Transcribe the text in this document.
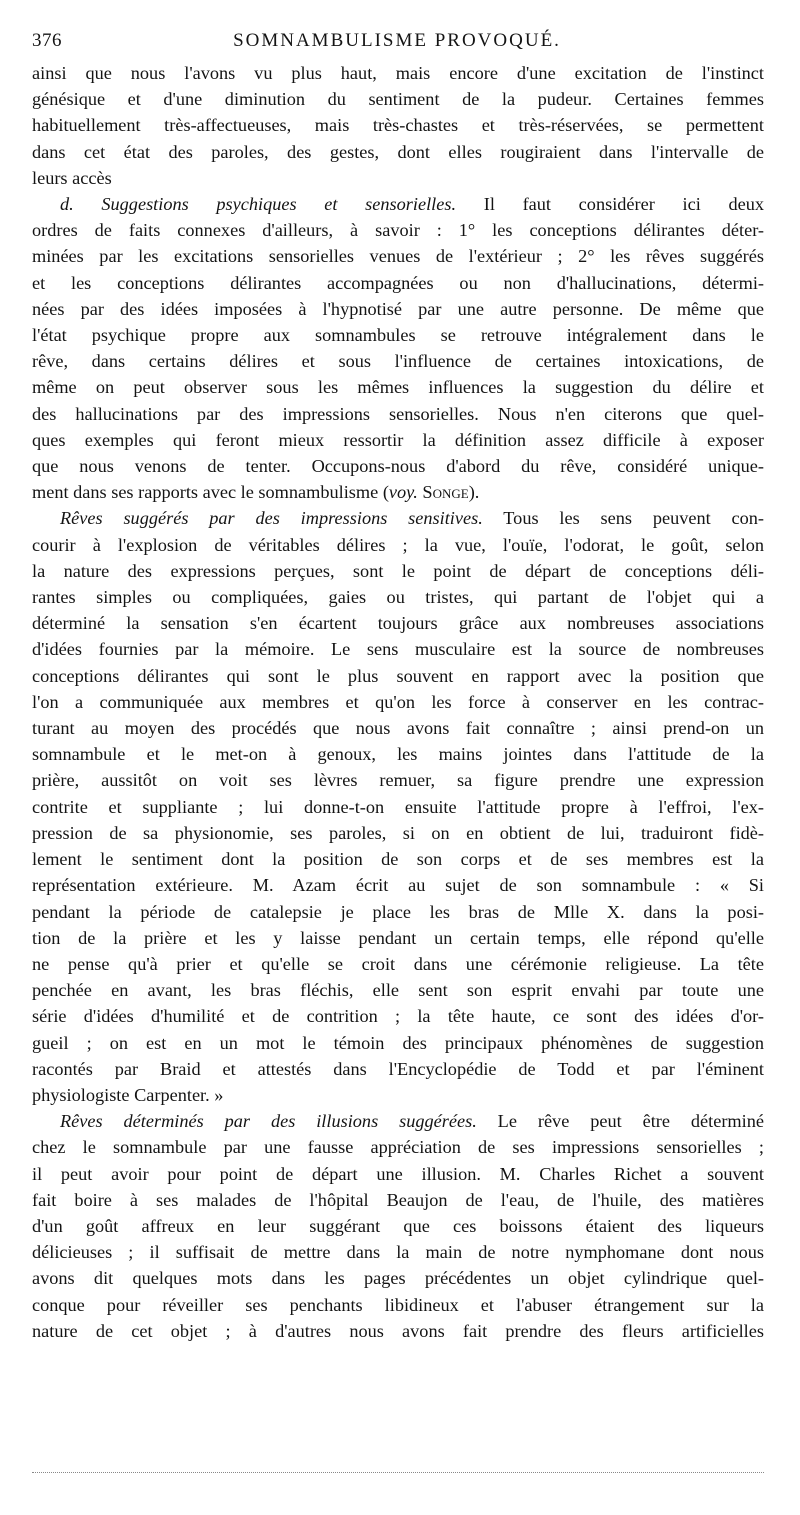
376	SOMNAMBULISME PROVOQUÉ.

ainsi que nous l'avons vu plus haut, mais encore d'une excitation de l'instinct
génésique et d'une diminution du sentiment de la pudeur. Certaines femmes
habituellement très-affectueuses, mais très-chastes et très-réservées, se permettent
dans cet état des paroles, des gestes, dont elles rougiraient dans l'intervalle de
leurs accès

d. Suggestions psychiques et sensorielles. Il faut considérer ici deux
ordres de faits connexes d'ailleurs, à savoir : 1° les conceptions délirantes déter-
minées par les excitations sensorielles venues de l'extérieur ; 2° les rêves suggérés
et les conceptions délirantes accompagnées ou non d'hallucinations, détermi-
nées par des idées imposées à l'hypnotisé par une autre personne. De même que
l'état psychique propre aux somnambules se retrouve intégralement dans le
rêve, dans certains délires et sous l'influence de certaines intoxications, de
même on peut observer sous les mêmes influences la suggestion du délire et
des hallucinations par des impressions sensorielles. Nous n'en citerons que quel-
ques exemples qui feront mieux ressortir la définition assez difficile à exposer
que nous venons de tenter. Occupons-nous d'abord du rêve, considéré unique-
ment dans ses rapports avec le somnambulisme (voy. Songe).

Rêves suggérés par des impressions sensitives. Tous les sens peuvent con-
courir à l'explosion de véritables délires ; la vue, l'ouïe, l'odorat, le goût, selon
la nature des expressions perçues, sont le point de départ de conceptions déli-
rantes simples ou compliquées, gaies ou tristes, qui partant de l'objet qui a
déterminé la sensation s'en écartent toujours grâce aux nombreuses associations
d'idées fournies par la mémoire. Le sens musculaire est la source de nombreuses
conceptions délirantes qui sont le plus souvent en rapport avec la position que
l'on a communiquée aux membres et qu'on les force à conserver en les contrac-
turant au moyen des procédés que nous avons fait connaître ; ainsi prend-on un
somnambule et le met-on à genoux, les mains jointes dans l'attitude de la
prière, aussitôt on voit ses lèvres remuer, sa figure prendre une expression
contrite et suppliante ; lui donne-t-on ensuite l'attitude propre à l'effroi, l'ex-
pression de sa physionomie, ses paroles, si on en obtient de lui, traduiront fidè-
lement le sentiment dont la position de son corps et de ses membres est la
représentation extérieure. M. Azam écrit au sujet de son somnambule : « Si
pendant la période de catalepsie je place les bras de Mlle X. dans la posi-
tion de la prière et les y laisse pendant un certain temps, elle répond qu'elle
ne pense qu'à prier et qu'elle se croit dans une cérémonie religieuse. La tête
penchée en avant, les bras fléchis, elle sent son esprit envahi par toute une
série d'idées d'humilité et de contrition ; la tête haute, ce sont des idées d'or-
gueil ; on est en un mot le témoin des principaux phénomènes de suggestion
racontés par Braid et attestés dans l'Encyclopédie de Todd et par l'éminent
physiologiste Carpenter. »

Rêves déterminés par des illusions suggérées. Le rêve peut être déterminé
chez le somnambule par une fausse appréciation de ses impressions sensorielles ;
il peut avoir pour point de départ une illusion. M. Charles Richet a souvent
fait boire à ses malades de l'hôpital Beaujon de l'eau, de l'huile, des matières
d'un goût affreux en leur suggérant que ces boissons étaient des liqueurs
délicieuses ; il suffisait de mettre dans la main de notre nymphomane dont nous
avons dit quelques mots dans les pages précédentes un objet cylindrique quel-
conque pour réveiller ses penchants libidineux et l'abuser étrangement sur la
nature de cet objet ; à d'autres nous avons fait prendre des fleurs artificielles
